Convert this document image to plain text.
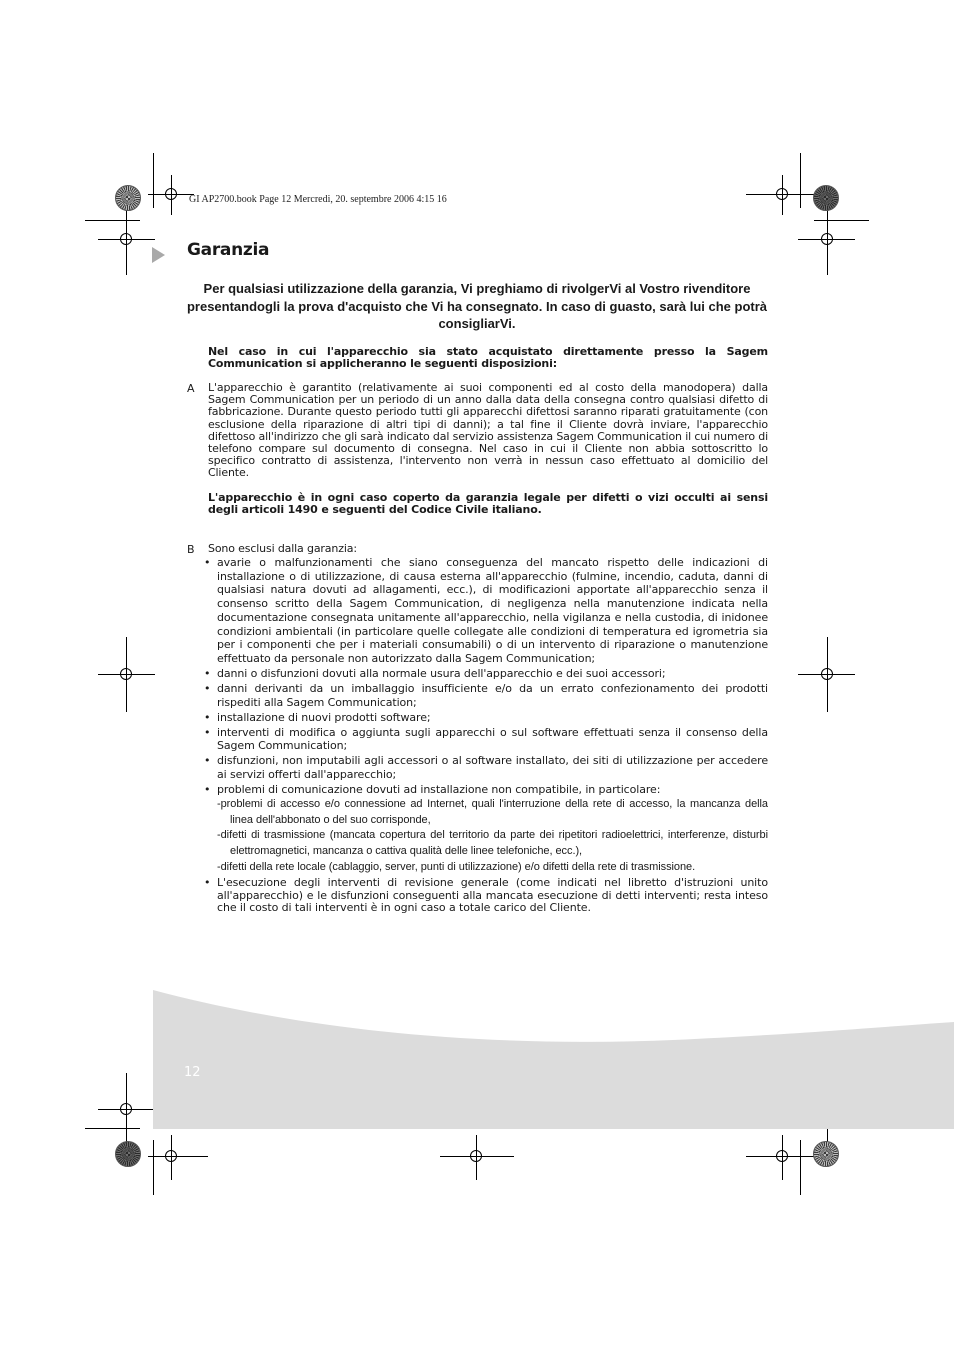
GI AP2700.book Page 12 Mercredi, 20. septembre 2006 4:15 16
Garanzia
Per qualsiasi utilizzazione della garanzia, Vi preghiamo di rivolgerVi al Vostro rivenditore presentandogli la prova d'acquisto che Vi ha consegnato. In caso di guasto, sarà lui che potrà consigliarVi.
Nel caso in cui l'apparecchio sia stato acquistato direttamente presso la Sagem Communication si applicheranno le seguenti disposizioni:
A L'apparecchio è garantito (relativamente ai suoi componenti ed al costo della manodopera) dalla Sagem Communication per un periodo di un anno dalla data della consegna contro qualsiasi difetto di fabbricazione. Durante questo periodo tutti gli apparecchi difettosi saranno riparati gratuitamente (con esclusione della riparazione di altri tipi di danni); a tal fine il Cliente dovrà inviare, l'apparecchio difettoso all'indirizzo che gli sarà indicato dal servizio assistenza Sagem Communication il cui numero di telefono compare sul documento di consegna. Nel caso in cui il Cliente non abbia sottoscritto lo specifico contratto di assistenza, l'intervento non verrà in nessun caso effettuato al domicilio del Cliente.
L'apparecchio è in ogni caso coperto da garanzia legale per difetti o vizi occulti ai sensi degli articoli 1490 e seguenti del Codice Civile italiano.
B Sono esclusi dalla garanzia:
• avarie o malfunzionamenti che siano conseguenza del mancato rispetto delle indicazioni di installazione o di utilizzazione, di causa esterna all'apparecchio (fulmine, incendio, caduta, danni di qualsiasi natura dovuti ad allagamenti, ecc.), di modificazioni apportate all'apparecchio senza il consenso scritto della Sagem Communication, di negligenza nella manutenzione indicata nella documentazione consegnata unitamente all'apparecchio, nella vigilanza e nella custodia, di inidonee condizioni ambientali (in particolare quelle collegate alle condizioni di temperatura ed igrometria sia per i componenti che per i materiali consumabili) o di un intervento di riparazione o manutenzione effettuato da personale non autorizzato dalla Sagem Communication;
• danni o disfunzioni dovuti alla normale usura dell'apparecchio e dei suoi accessori;
• danni derivanti da un imballaggio insufficiente e/o da un errato confezionamento dei prodotti rispediti alla Sagem Communication;
• installazione di nuovi prodotti software;
• interventi di modifica o aggiunta sugli apparecchi o sul software effettuati senza il consenso della Sagem Communication;
• disfunzioni, non imputabili agli accessori o al software installato, dei siti di utilizzazione per accedere ai servizi offerti dall'apparecchio;
• problemi di comunicazione dovuti ad installazione non compatibile, in particolare:
-problemi di accesso e/o connessione ad Internet, quali l'interruzione della rete di accesso, la mancanza della linea dell'abbonato o del suo corrisponde,
-difetti di trasmissione (mancata copertura del territorio da parte dei ripetitori radioelettrici, interferenze, disturbi elettromagnetici, mancanza o cattiva qualità delle linee telefoniche, ecc.),
-difetti della rete locale (cablaggio, server, punti di utilizzazione) e/o difetti della rete di trasmissione.
• L'esecuzione degli interventi di revisione generale (come indicati nel libretto d'istruzioni unito all'apparecchio) e le disfunzioni conseguenti alla mancata esecuzione di detti interventi; resta inteso che il costo di tali interventi è in ogni caso a totale carico del Cliente.
12
